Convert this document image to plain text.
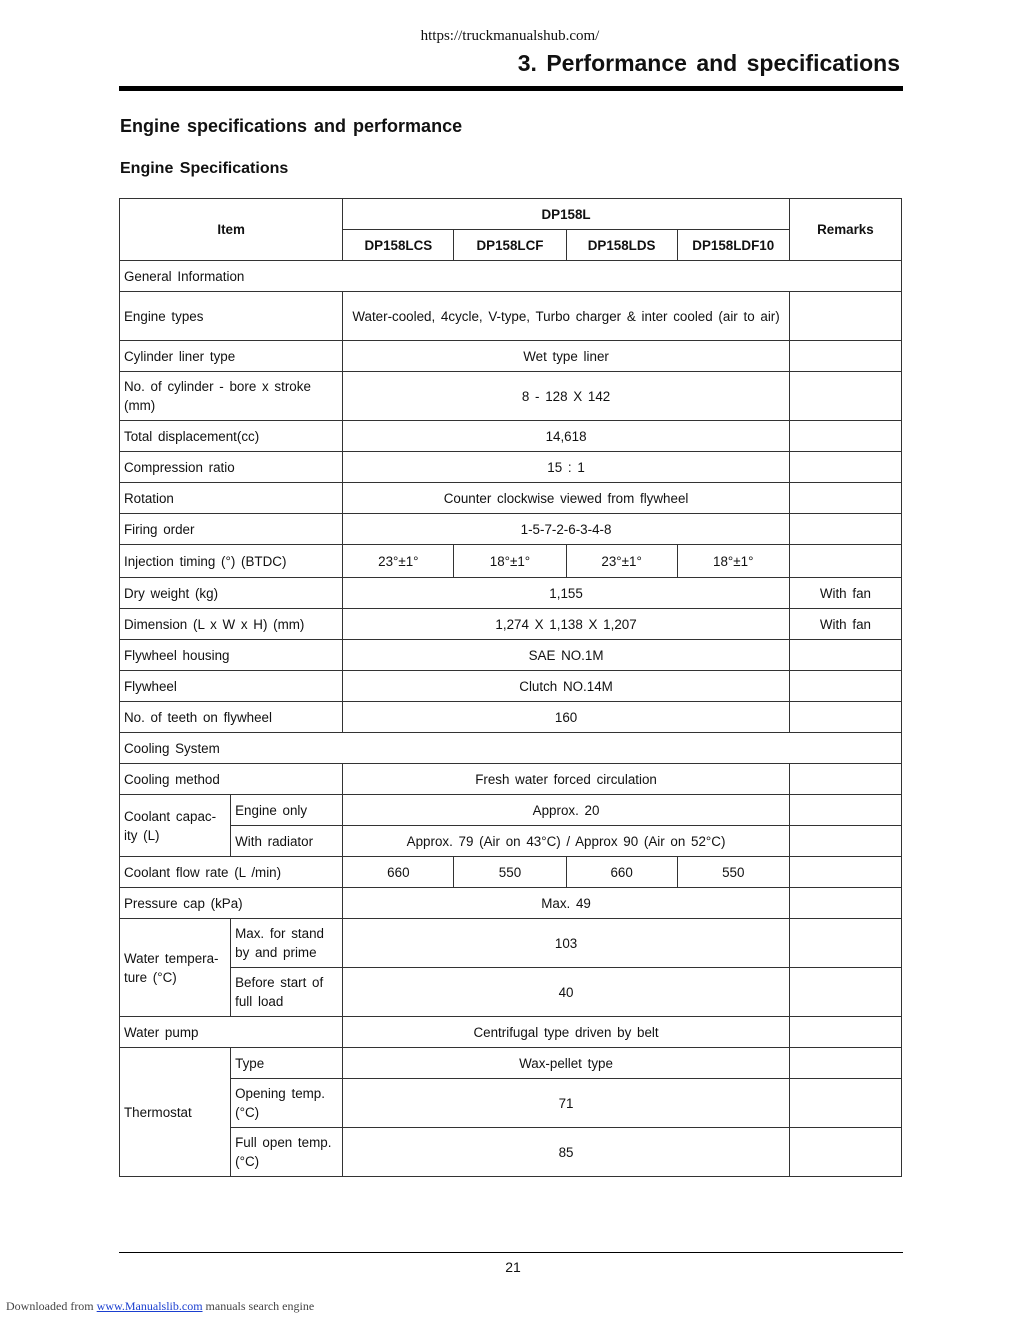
https://truckmanualshub.com/
3. Performance and specifications
Engine specifications and performance
Engine Specifications
Item		DP158L				Remarks
		DP158LCS	DP158LCF	DP158LDS	DP158LDF10	
General Information						
Engine types		Water-cooled, 4cycle, V-type, Turbo charger & inter cooled (air to air)				
Cylinder liner type		Wet type liner				
No. of cylinder - bore x stroke (mm)		8 - 128 X 142				
Total displacement(cc)		14,618				
Compression ratio		15 : 1				
Rotation		Counter clockwise viewed from flywheel				
Firing order		1-5-7-2-6-3-4-8				
Injection timing (°) (BTDC)		23°±1°	18°±1°	23°±1°	18°±1°	
Dry weight (kg)		1,155				With fan
Dimension (L x W x H) (mm)		1,274 X 1,138 X 1,207				With fan
Flywheel housing		SAE NO.1M				
Flywheel		Clutch NO.14M				
No. of teeth on flywheel		160				
Cooling System						
Cooling method		Fresh water forced circulation				
Coolant capac- ity (L)	Engine only	Approx. 20				
	With radiator	Approx. 79 (Air on 43°C) / Approx 90 (Air on 52°C)				
Coolant flow rate (L /min)		660	550	660	550	
Pressure cap (kPa)		Max. 49				
Water tempera- ture (°C)	Max. for stand by and prime	103				
	Before start of full load	40				
Water pump		Centrifugal type driven by belt				
Thermostat	Type	Wax-pellet type				
	Opening temp. (°C)	71				
	Full open temp. (°C)	85				
21
Downloaded from www.Manualslib.com manuals search engine
